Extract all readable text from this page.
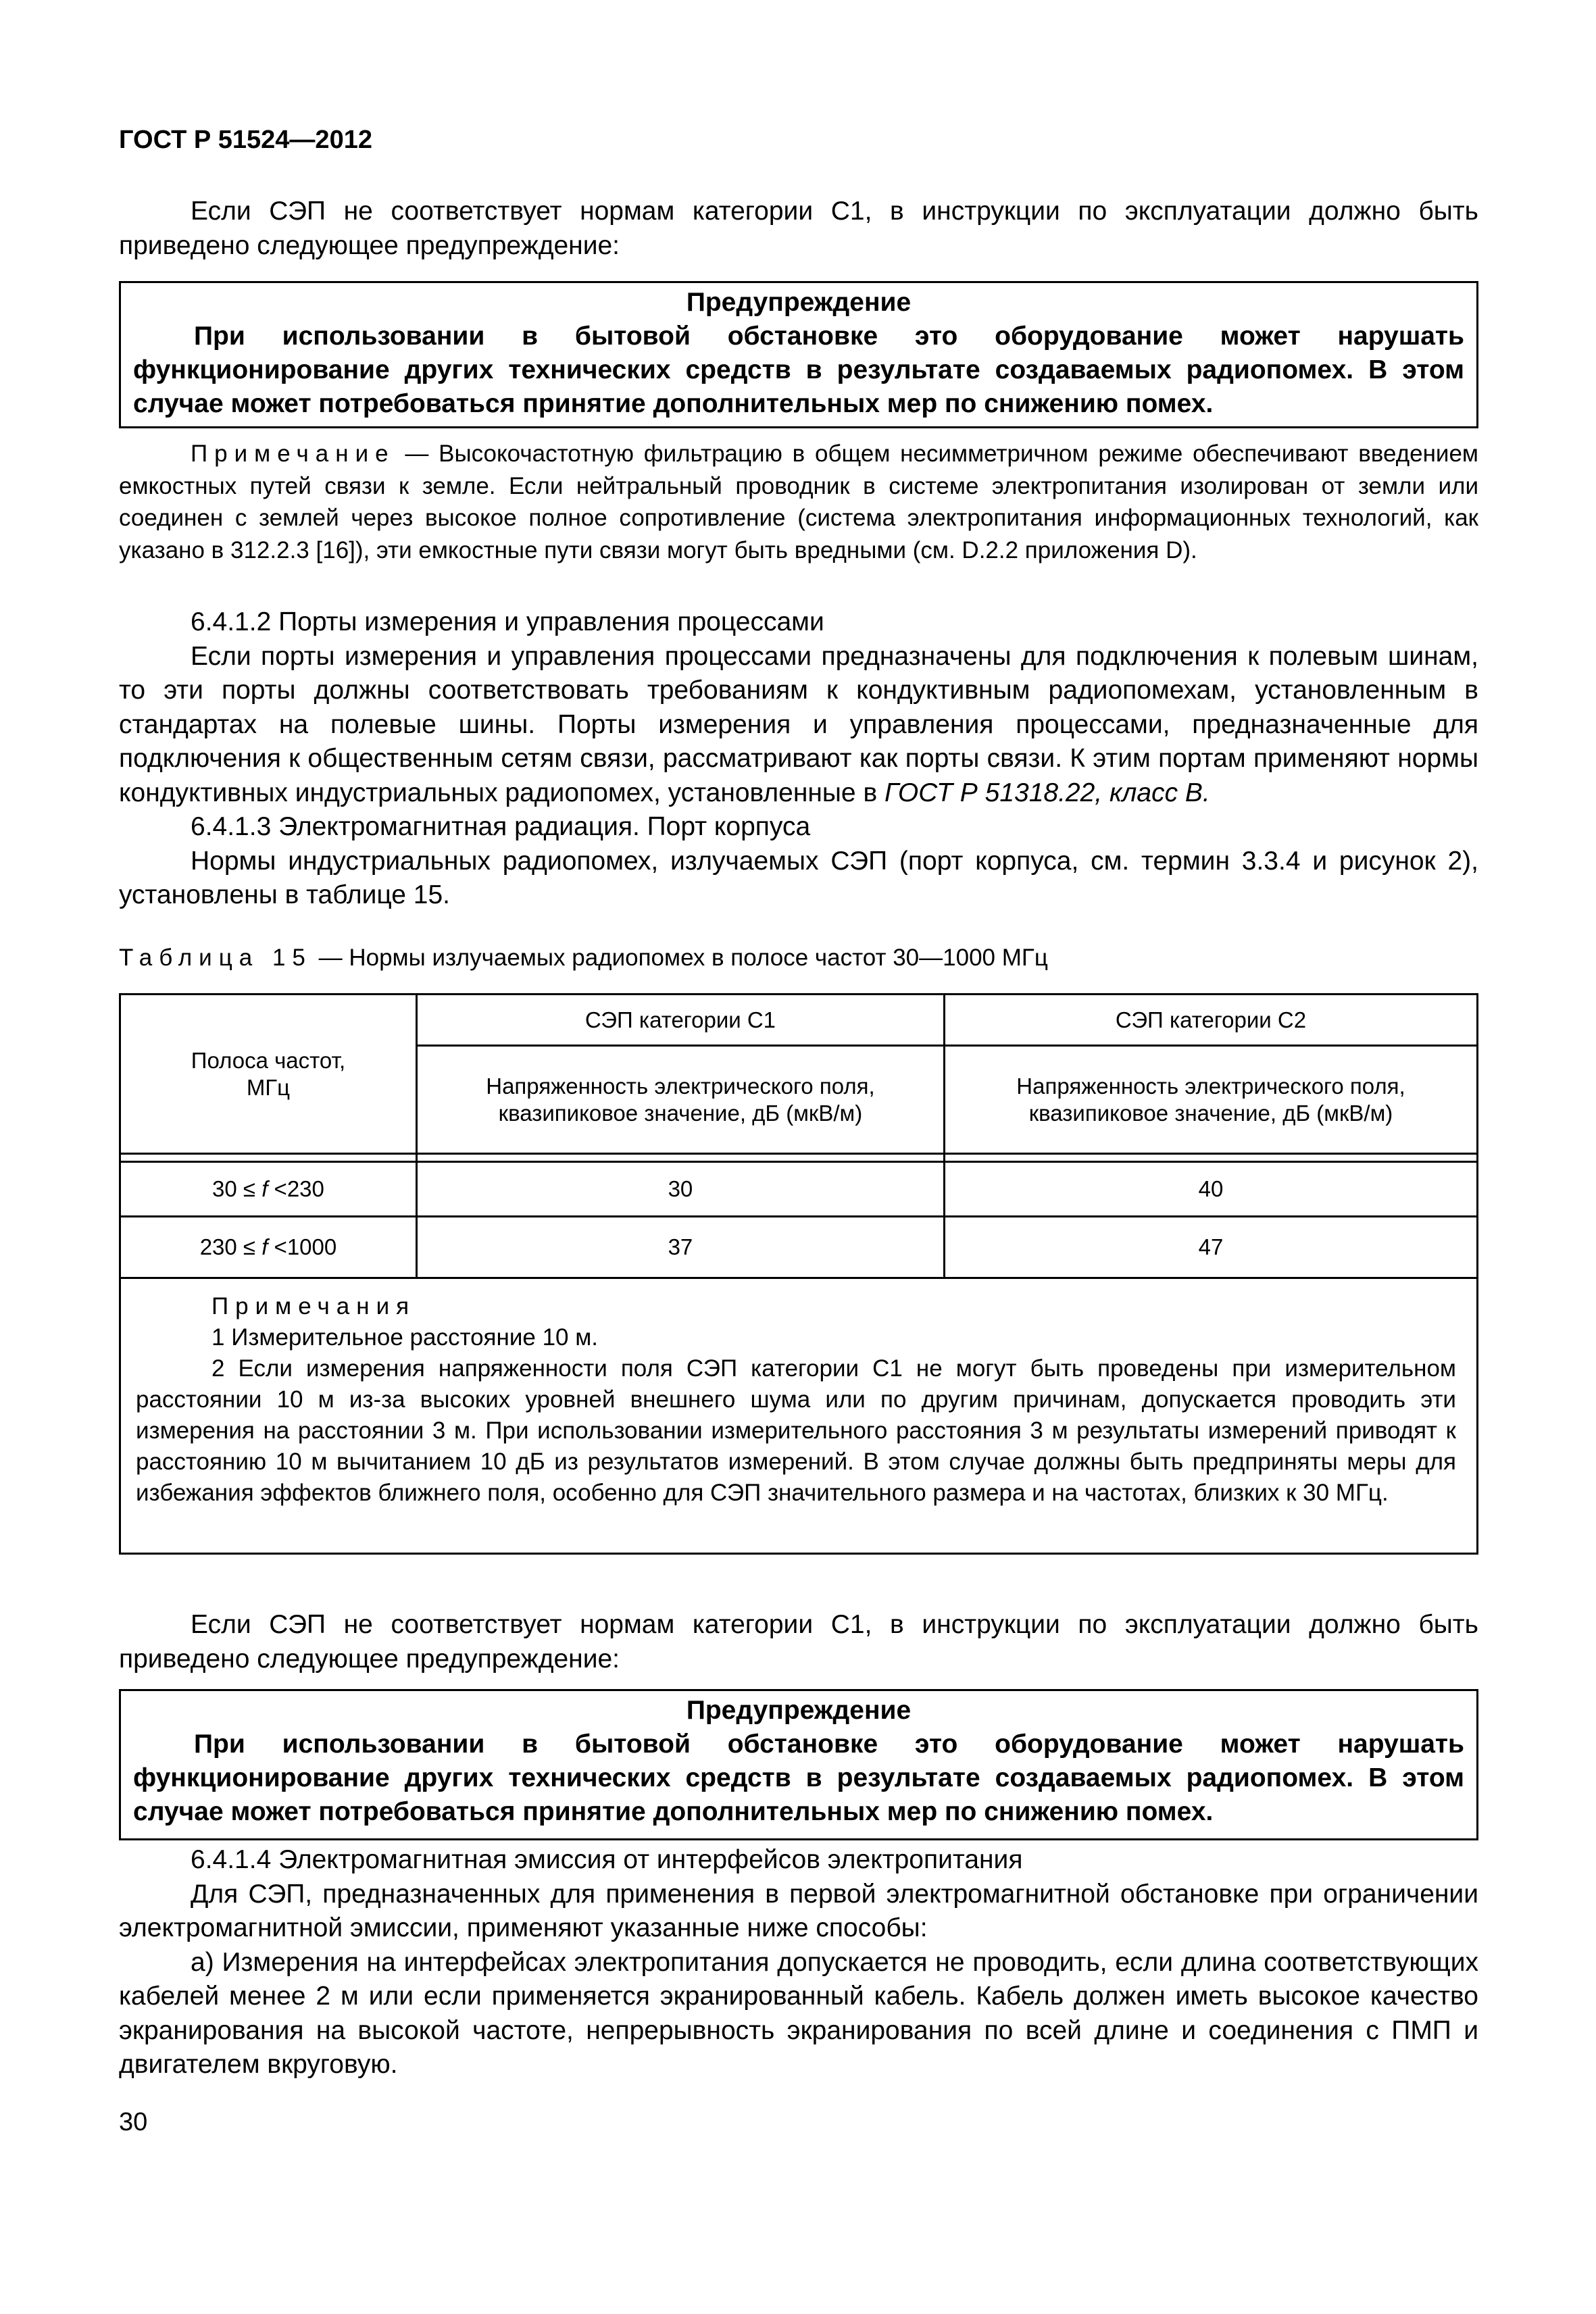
ГОСТ Р 51524—2012

Если СЭП не соответствует нормам категории С1, в инструкции по эксплуатации должно быть приведено следующее предупреждение:

Предупреждение
При использовании в бытовой обстановке это оборудование может нарушать функционирование других технических средств в результате создаваемых радиопомех. В этом случае может потребоваться принятие дополнительных мер по снижению помех.
Примечание — Высокочастотную фильтрацию в общем несимметричном режиме обеспечивают введением емкостных путей связи к земле. Если нейтральный проводник в системе электропитания изолирован от земли или соединен с землей через высокое полное сопротивление (система электропитания информационных технологий, как указано в 312.2.3 [16]), эти емкостные пути связи могут быть вредными (см. D.2.2 приложения D).

6.4.1.2 Порты измерения и управления процессами

Если порты измерения и управления процессами предназначены для подключения к полевым шинам, то эти порты должны соответствовать требованиям к кондуктивным радиопомехам, установленным в стандартах на полевые шины. Порты измерения и управления процессами, предназначенные для подключения к общественным сетям связи, рассматривают как порты связи. К этим портам применяют нормы кондуктивных индустриальных радиопомех, установленные в ГОСТ Р 51318.22, класс В.

6.4.1.3 Электромагнитная радиация. Порт корпуса

Нормы индустриальных радиопомех, излучаемых СЭП (порт корпуса, см. термин 3.3.4 и рисунок 2), установлены в таблице 15.

Таблица 15 — Нормы излучаемых радиопомех в полосе частот 30—1000 МГц
Полоса частот, МГц	СЭП категории С1	СЭП категории С2

	Напряженность электрического поля, квазипиковое значение, дБ (мкВ/м)	Напряженность электрического поля, квазипиковое значение, дБ (мкВ/м)

30 ≤ f <230	30	40
230 ≤ f <1000	37	47

Примечания
1 Измерительное расстояние 10 м.
2 Если измерения напряженности поля СЭП категории С1 не могут быть проведены при измерительном расстоянии 10 м из-за высоких уровней внешнего шума или по другим причинам, допускается проводить эти измерения на расстоянии 3 м. При использовании измерительного расстояния 3 м результаты измерений приводят к расстоянию 10 м вычитанием 10 дБ из результатов измерений. В этом случае должны быть предприняты меры для избежания эффектов ближнего поля, особенно для СЭП значительного размера и на частотах, близких к 30 МГц.		

Если СЭП не соответствует нормам категории С1, в инструкции по эксплуатации должно быть приведено следующее предупреждение:

Предупреждение
При использовании в бытовой обстановке это оборудование может нарушать функционирование других технических средств в результате создаваемых радиопомех. В этом случае может потребоваться принятие дополнительных мер по снижению помех.

6.4.1.4 Электромагнитная эмиссия от интерфейсов электропитания

Для СЭП, предназначенных для применения в первой электромагнитной обстановке при ограничении электромагнитной эмиссии, применяют указанные ниже способы:

а) Измерения на интерфейсах электропитания допускается не проводить, если длина соответствующих кабелей менее 2 м или если применяется экранированный кабель. Кабель должен иметь высокое качество экранирования на высокой частоте, непрерывность экранирования по всей длине и соединения с ПМП и двигателем вкруговую.

30
